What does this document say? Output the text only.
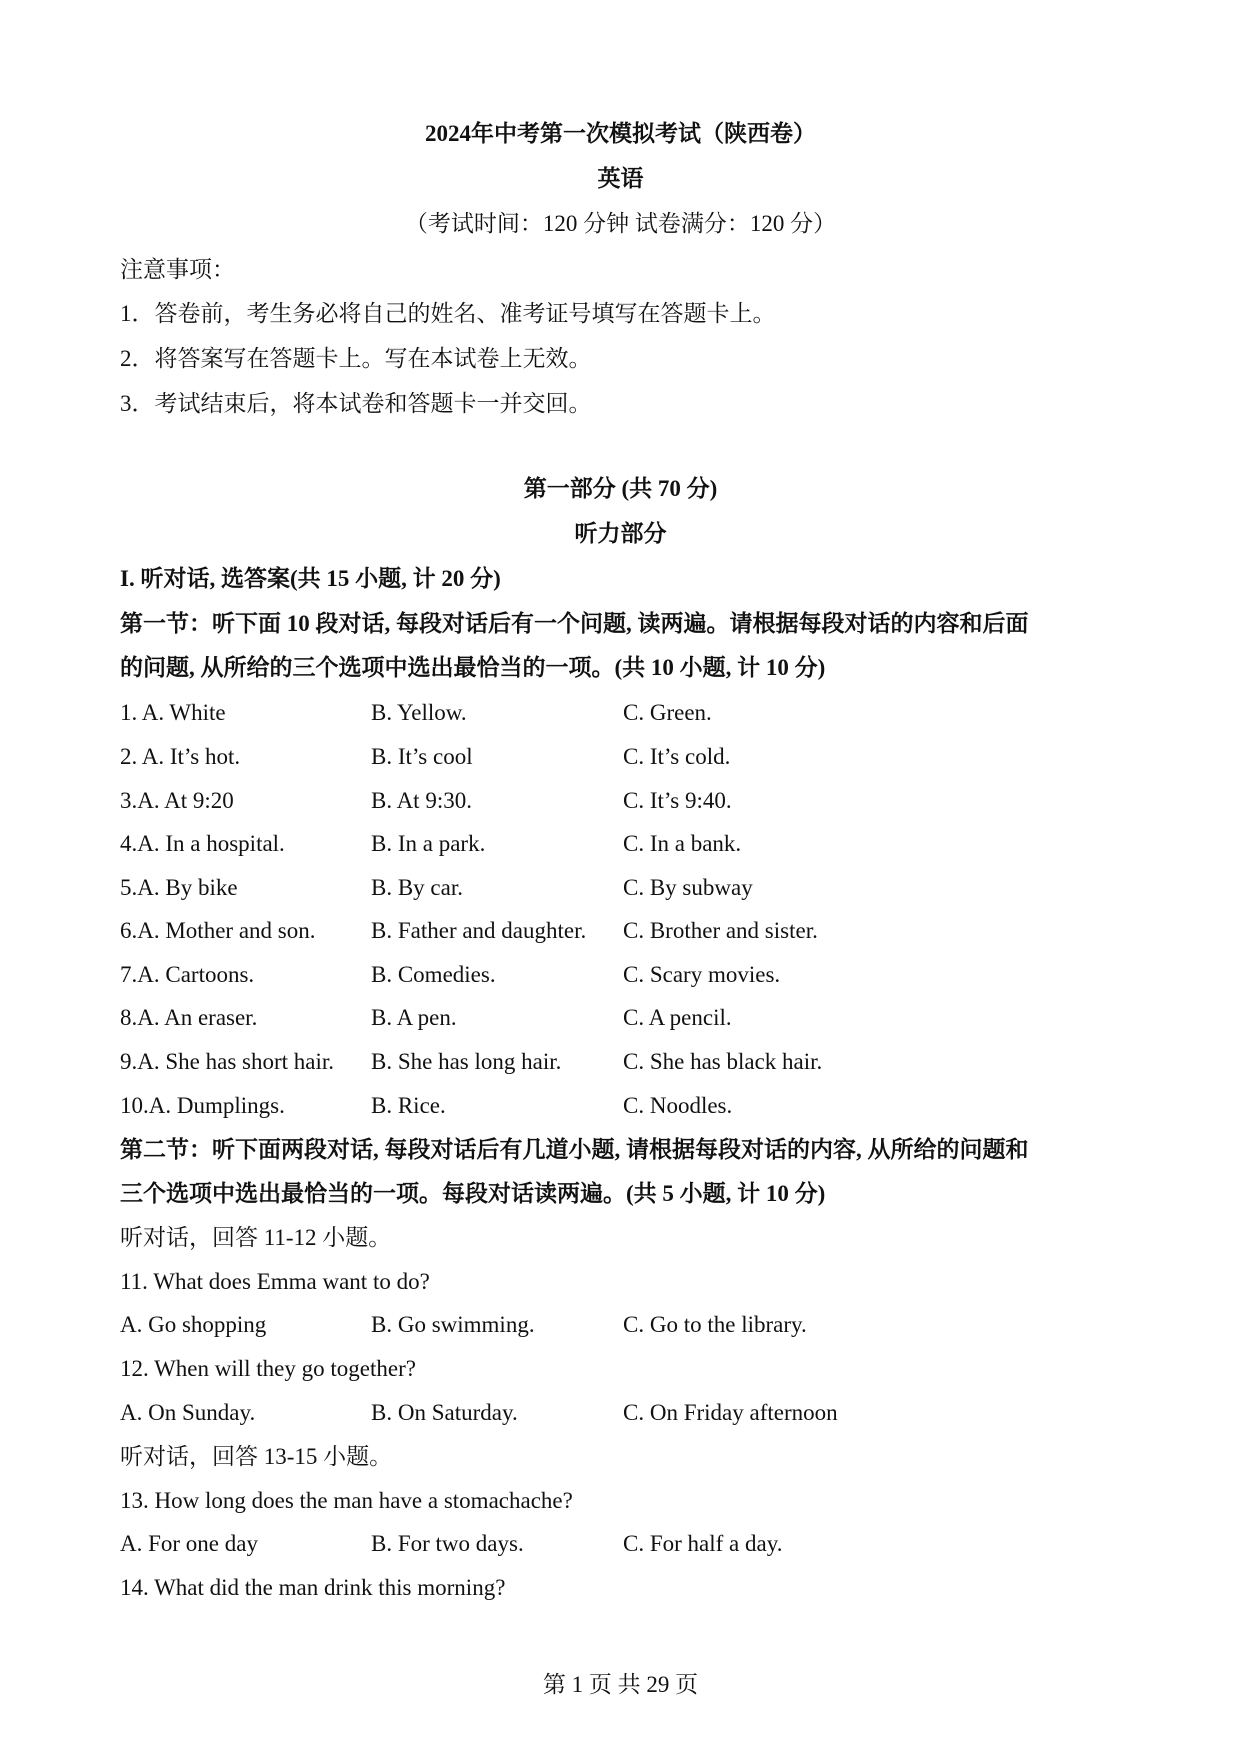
2024年中考第一次模拟考试（陕西卷）
英语
（考试时间：120 分钟 试卷满分：120 分）
注意事项：
1．答卷前，考生务必将自己的姓名、准考证号填写在答题卡上。
2．将答案写在答题卡上。写在本试卷上无效。
3．考试结束后，将本试卷和答题卡一并交回。
第一部分 (共 70 分)
听力部分
I. 听对话, 选答案(共 15 小题, 计 20 分)
第一节：听下面 10 段对话, 每段对话后有一个问题, 读两遍。请根据每段对话的内容和后面
的问题, 从所给的三个选项中选出最恰当的一项。(共 10 小题, 计 10 分)
1. A. White	B. Yellow.	C. Green.
2. A. It’s hot.	B. It’s cool	C. It’s cold.
3.A. At 9:20	B. At 9:30.	C. It’s 9:40.
4.A. In a hospital.	B. In a park.	C. In a bank.
5.A. By bike	B. By car.	C. By subway
6.A. Mother and son. B. Father and daughter. C. Brother and sister.
7.A. Cartoons.	B. Comedies.	C. Scary movies.
8.A. An eraser.	B. A pen.	C. A pencil.
9.A. She has short hair. B. She has long hair.	C. She has black hair.
10.A. Dumplings.	B. Rice.	C. Noodles.
第二节：听下面两段对话, 每段对话后有几道小题, 请根据每段对话的内容, 从所给的问题和
三个选项中选出最恰当的一项。每段对话读两遍。(共 5 小题, 计 10 分)
听对话，回答 11-12 小题。
11. What does Emma want to do?
A. Go shopping	B. Go swimming.	C. Go to the library.
12. When will they go together?
A. On Sunday.	B. On Saturday.	C. On Friday afternoon
听对话，回答 13-15 小题。
13. How long does the man have a stomachache?
A. For one day	B. For two days.	C. For half a day.
14. What did the man drink this morning?
第 1 页 共 29 页
